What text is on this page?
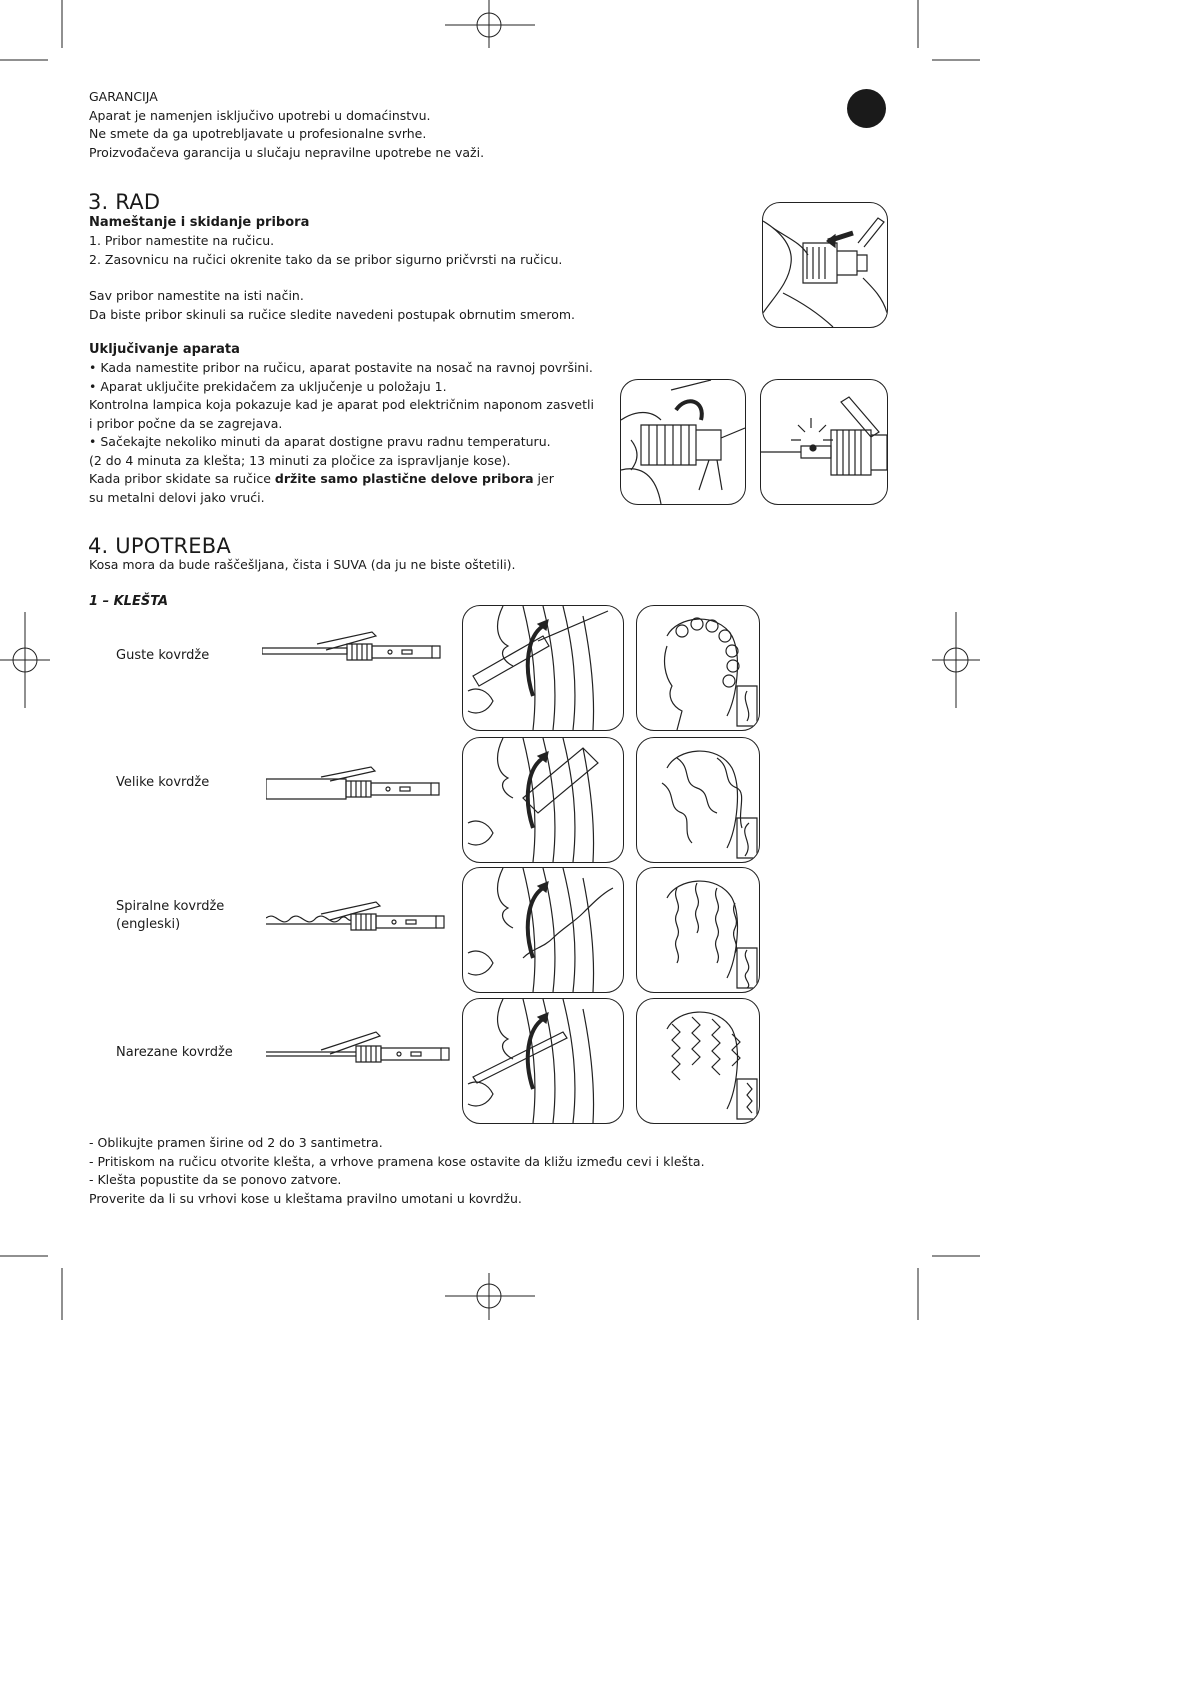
GARANCIJA

Aparat je namenjen isključivo upotrebi u domaćinstvu.

Ne smete da ga upotrebljavate u profesionalne svrhe.

Proizvođačeva garancija u slučaju nepravilne upotrebe ne važi.

3. RAD

Nameštanje i skidanje pribora

1. Pribor namestite na ručicu.

2. Zasovnicu na ručici okrenite tako da se pribor sigurno pričvrsti na ručicu.

Sav pribor namestite na isti način.

Da biste pribor skinuli sa ručice sledite navedeni postupak obrnutim smerom.

Uključivanje aparata

• Kada namestite pribor na ručicu, aparat postavite na nosač na ravnoj površini.

• Aparat uključite prekidačem za uključenje u položaju 1.

Kontrolna lampica koja pokazuje kad je aparat pod električnim naponom zasvetli

i pribor počne da se zagrejava.

• Sačekajte nekoliko minuti da aparat dostigne pravu radnu temperaturu.

(2 do 4 minuta za klešta; 13 minuti za pločice za ispravljanje kose).

Kada pribor skidate sa ručice držite samo plastične delove pribora jer

su metalni delovi jako vrući.

4. UPOTREBA

Kosa mora da bude raščešljana, čista i SUVA (da ju ne biste oštetili).

1 – KLEŠTA

Guste kovrdže
Velike kovrdže
Spiralne kovrdže
(engleski)
Narezane kovrdže

- Oblikujte pramen širine od 2 do 3 santimetra.

- Pritiskom na ručicu otvorite klešta, a vrhove pramena kose ostavite da kližu između cevi i klešta.

- Klešta popustite da se ponovo zatvore.

Proverite da li su vrhovi kose u kleštama pravilno umotani u kovrdžu.
